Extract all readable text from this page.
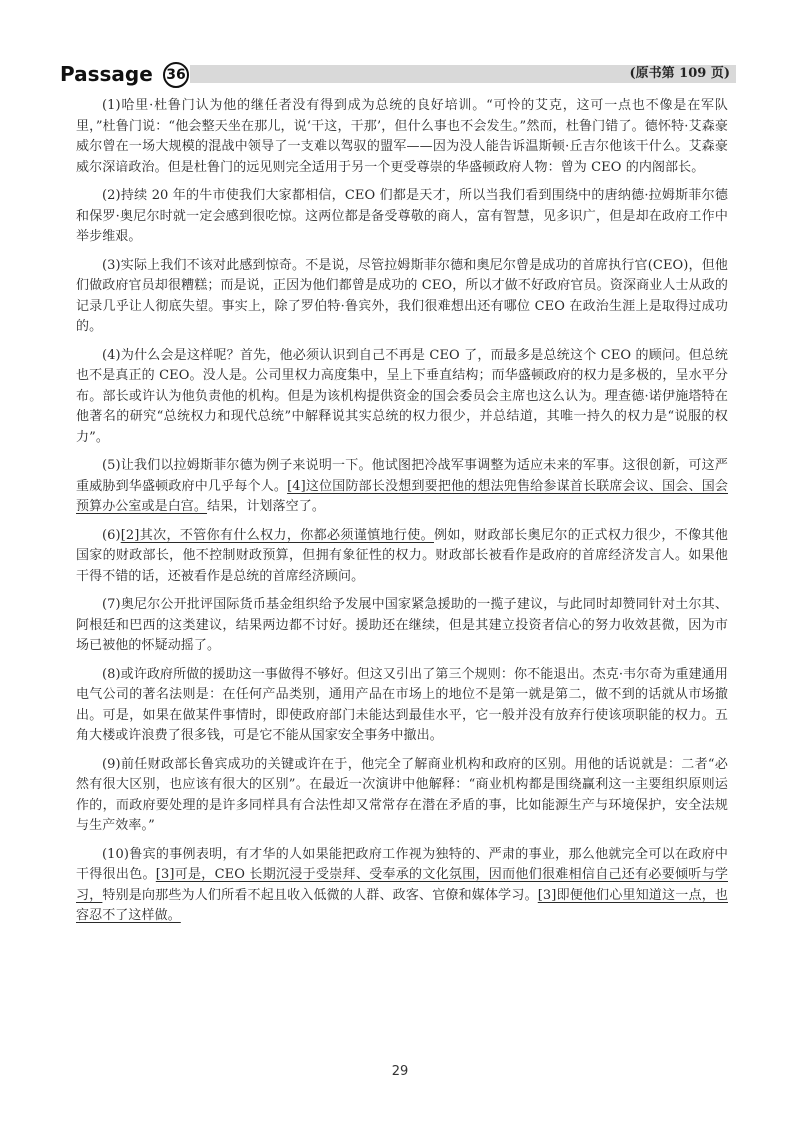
Passage 36	(原书第 109 页)

(1)哈里·杜鲁门认为他的继任者没有得到成为总统的良好培训。“可怜的艾克，这可一点也不像是在军队里，”杜鲁门说：“他会整天坐在那儿，说‘干这，干那’，但什么事也不会发生。”然而，杜鲁门错了。德怀特·艾森豪威尔曾在一场大规模的混战中领导了一支难以驾驭的盟军——因为没人能告诉温斯顿·丘吉尔他该干什么。艾森豪威尔深谙政治。但是杜鲁门的远见则完全适用于另一个更受尊崇的华盛顿政府人物：曾为 CEO 的内阁部长。

(2)持续 20 年的牛市使我们大家都相信，CEO 们都是天才，所以当我们看到围绕中的唐纳德·拉姆斯菲尔德和保罗·奥尼尔时就一定会感到很吃惊。这两位都是备受尊敬的商人，富有智慧，见多识广，但是却在政府工作中举步维艰。

(3)实际上我们不该对此感到惊奇。不是说，尽管拉姆斯菲尔德和奥尼尔曾是成功的首席执行官(CEO)，但他们做政府官员却很糟糕；而是说，正因为他们都曾是成功的 CEO，所以才做不好政府官员。资深商业人士从政的记录几乎让人彻底失望。事实上，除了罗伯特·鲁宾外，我们很难想出还有哪位 CEO 在政治生涯上是取得过成功的。

(4)为什么会是这样呢？首先，他必须认识到自己不再是 CEO 了，而最多是总统这个 CEO 的顾问。但总统也不是真正的 CEO。没人是。公司里权力高度集中，呈上下垂直结构；而华盛顿政府的权力是多极的，呈水平分布。部长或许认为他负责他的机构。但是为该机构提供资金的国会委员会主席也这么认为。理查德·诺伊施塔特在他著名的研究“总统权力和现代总统”中解释说其实总统的权力很少，并总结道，其唯一持久的权力是“说服的权力”。

(5)让我们以拉姆斯菲尔德为例子来说明一下。他试图把冷战军事调整为适应未来的军事。这很创新，可这严重威胁到华盛顿政府中几乎每个人。[4]这位国防部长没想到要把他的想法兜售给参谋首长联席会议、国会、国会预算办公室或是白宫。结果，计划落空了。

(6)[2]其次，不管你有什么权力，你都必须谨慎地行使。例如，财政部长奥尼尔的正式权力很少，不像其他国家的财政部长，他不控制财政预算，但拥有象征性的权力。财政部长被看作是政府的首席经济发言人。如果他干得不错的话，还被看作是总统的首席经济顾问。

(7)奥尼尔公开批评国际货币基金组织给予发展中国家紧急援助的一揽子建议，与此同时却赞同针对土尔其、阿根廷和巴西的这类建议，结果两边都不讨好。援助还在继续，但是其建立投资者信心的努力收效甚微，因为市场已被他的怀疑动摇了。

(8)或许政府所做的援助这一事做得不够好。但这又引出了第三个规则：你不能退出。杰克·韦尔奇为重建通用电气公司的著名法则是：在任何产品类别，通用产品在市场上的地位不是第一就是第二，做不到的话就从市场撤出。可是，如果在做某件事情时，即使政府部门未能达到最佳水平，它一般并没有放弃行使该项职能的权力。五角大楼或许浪费了很多钱，可是它不能从国家安全事务中撤出。

(9)前任财政部长鲁宾成功的关键或许在于，他完全了解商业机构和政府的区别。用他的话说就是：二者“必然有很大区别，也应该有很大的区别”。在最近一次演讲中他解释：“商业机构都是围绕赢利这一主要组织原则运作的，而政府要处理的是许多同样具有合法性却又常常存在潜在矛盾的事，比如能源生产与环境保护，安全法规与生产效率。”

(10)鲁宾的事例表明，有才华的人如果能把政府工作视为独特的、严肃的事业，那么他就完全可以在政府中干得很出色。[3]可是，CEO 长期沉浸于受崇拜、受奉承的文化氛围，因而他们很难相信自己还有必要倾听与学习，特别是向那些为人们所看不起且收入低微的人群、政客、官僚和媒体学习。[3]即便他们心里知道这一点，也容忍不了这样做。

29
